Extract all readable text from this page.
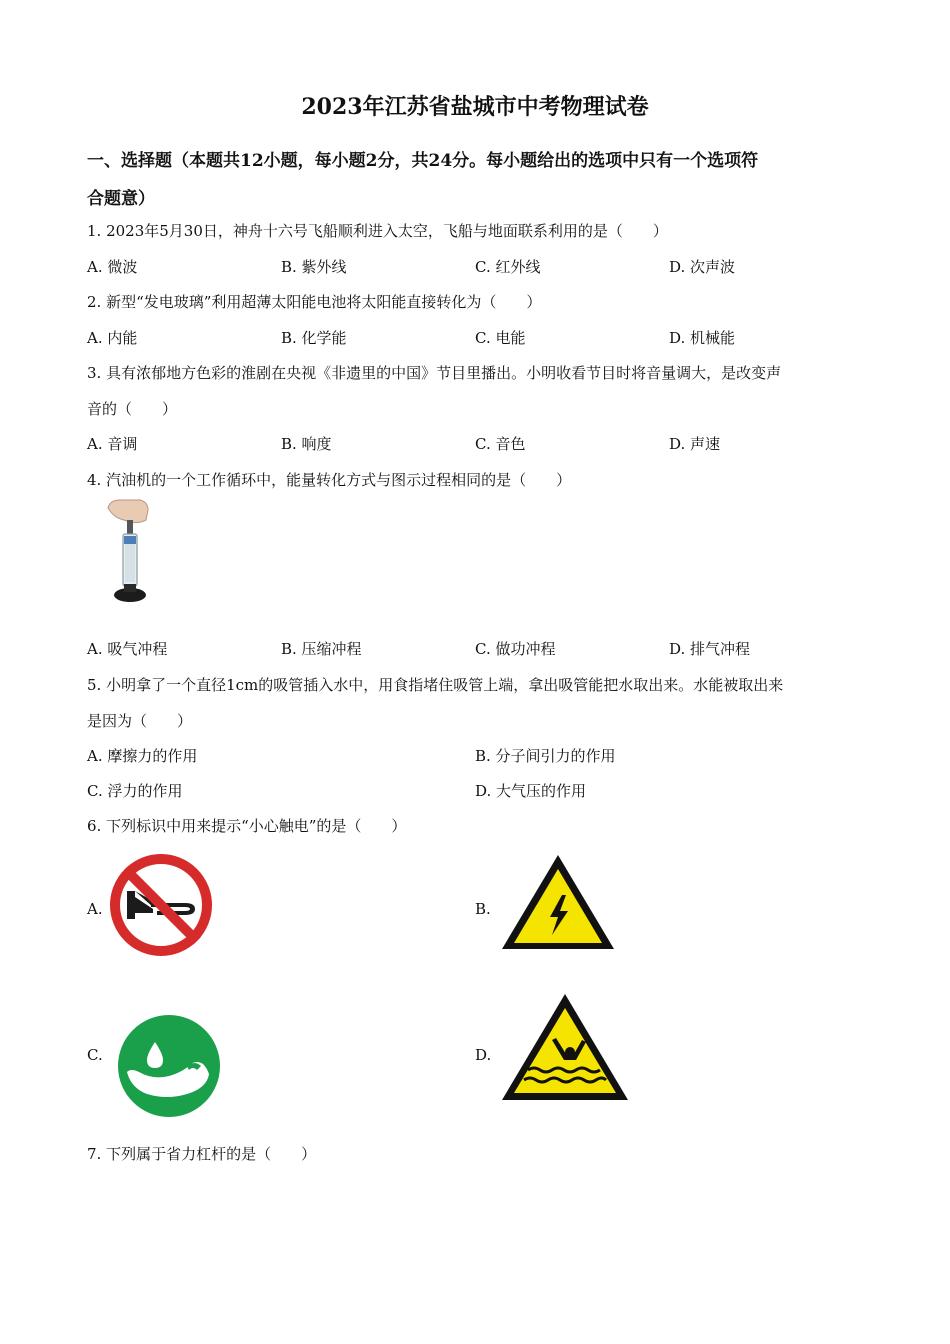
2023年江苏省盐城市中考物理试卷
一、选择题（本题共12小题，每小题2分，共24分。每小题给出的选项中只有一个选项符
合题意）
1. 2023年5月30日，神舟十六号飞船顺利进入太空，飞船与地面联系利用的是（　　）
A. 微波	B. 紫外线	C. 红外线	D. 次声波
2. 新型“发电玻璃”利用超薄太阳能电池将太阳能直接转化为（　　）
A. 内能	B. 化学能	C. 电能	D. 机械能
3. 具有浓郁地方色彩的淮剧在央视《非遗里的中国》节目里播出。小明收看节目时将音量调大，是改变声
音的（　　）
A. 音调	B. 响度	C. 音色	D. 声速
4. 汽油机的一个工作循环中，能量转化方式与图示过程相同的是（　　）
A. 吸气冲程	B. 压缩冲程	C. 做功冲程	D. 排气冲程
5. 小明拿了一个直径1cm的吸管插入水中，用食指堵住吸管上端，拿出吸管能把水取出来。水能被取出来
是因为（　　）
A. 摩擦力的作用	B. 分子间引力的作用
C. 浮力的作用	D. 大气压的作用
6. 下列标识中用来提示“小心触电”的是（　　）
A.	B.
C.	D.
7. 下列属于省力杠杆的是（　　）
